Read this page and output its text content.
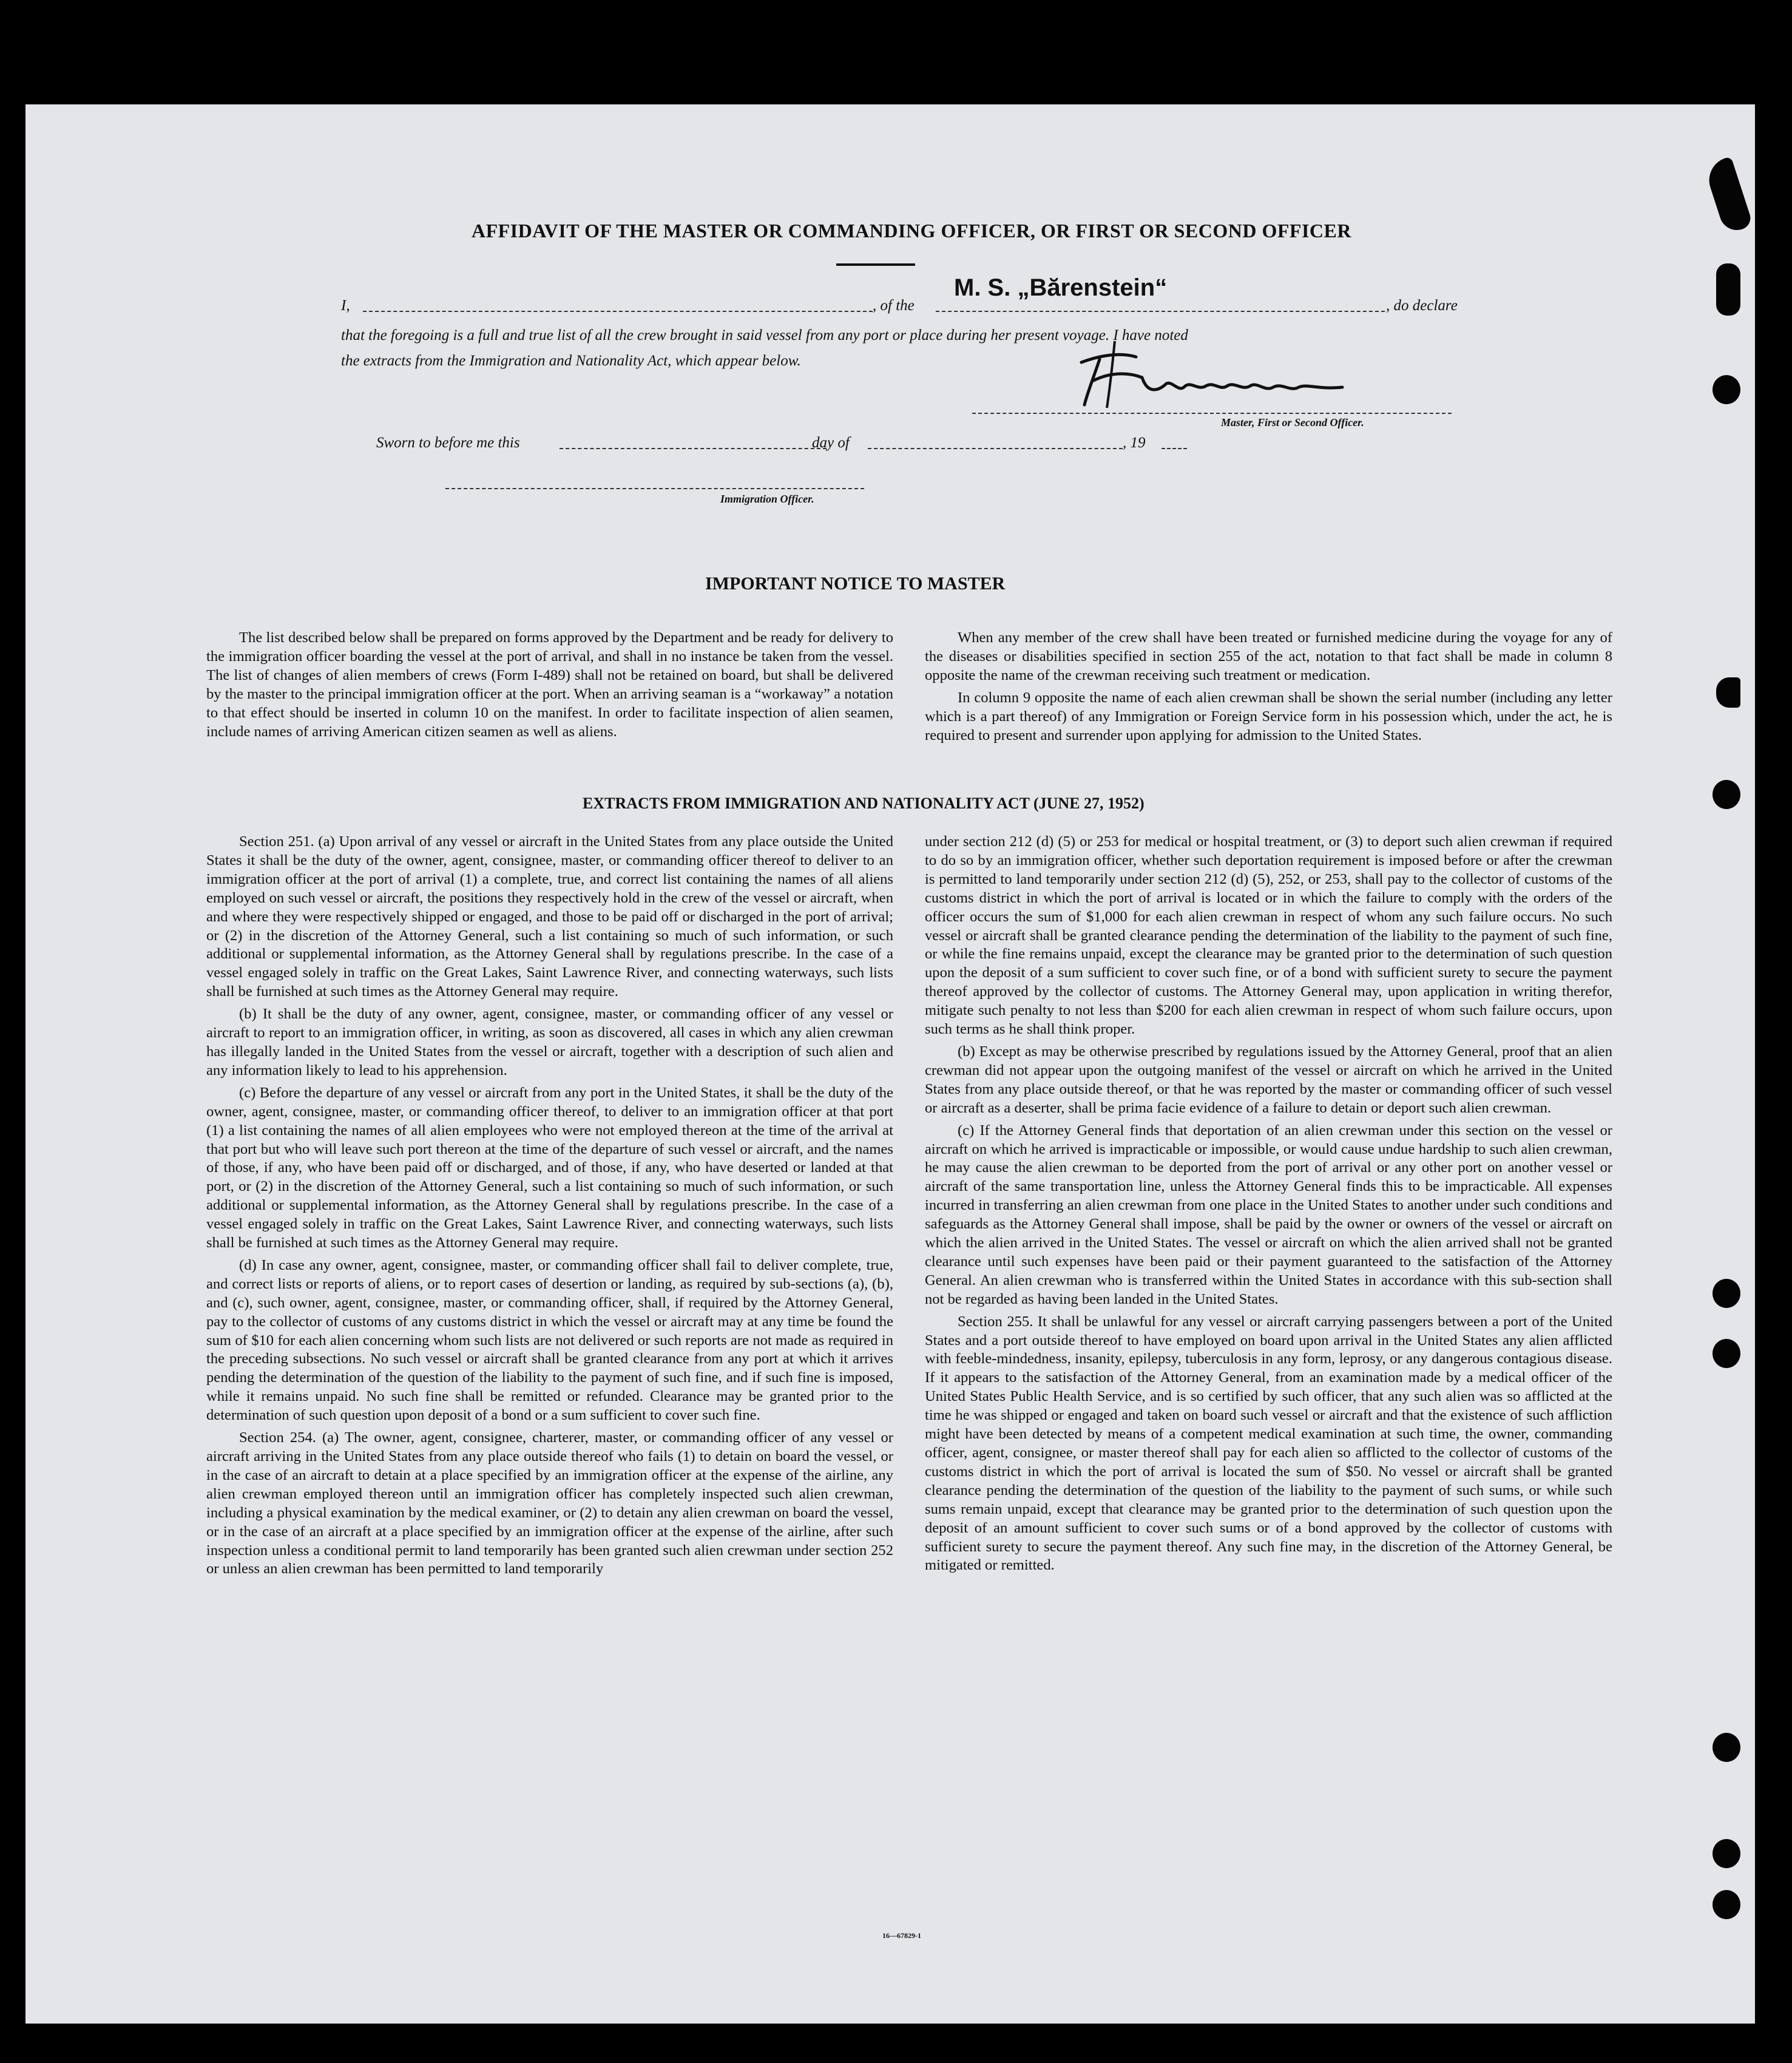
AFFIDAVIT OF THE MASTER OR COMMANDING OFFICER, OR FIRST OR SECOND OFFICER
I,	, of the
M. S. „Bărenstein“
, do declare
that the foregoing is a full and true list of all the crew brought in said vessel from any port or place during her present voyage. I have noted
the extracts from the Immigration and Nationality Act, which appear below.
Master, First or Second Officer.
Sworn to before me this	day of	, 19
Immigration Officer.
IMPORTANT NOTICE TO MASTER

The list described below shall be prepared on forms approved by the Department and be ready for delivery to the immigration officer boarding the vessel at the port of arrival, and shall in no instance be taken from the vessel. The list of changes of alien members of crews (Form I-489) shall not be retained on board, but shall be delivered by the master to the principal immigration officer at the port. When an arriving seaman is a “workaway” a notation to that effect should be inserted in column 10 on the manifest. In order to facilitate inspection of alien seamen, include names of arriving American citizen seamen as well as aliens.

When any member of the crew shall have been treated or furnished medicine during the voyage for any of the diseases or disabilities specified in section 255 of the act, notation to that fact shall be made in column 8 opposite the name of the crewman receiving such treatment or medication.

In column 9 opposite the name of each alien crewman shall be shown the serial number (including any letter which is a part thereof) of any Immigration or Foreign Service form in his possession which, under the act, he is required to present and surrender upon applying for admission to the United States.

EXTRACTS FROM IMMIGRATION AND NATIONALITY ACT (JUNE 27, 1952)

Section 251. (a) Upon arrival of any vessel or aircraft in the United States from any place outside the United States it shall be the duty of the owner, agent, consignee, master, or commanding officer thereof to deliver to an immigration officer at the port of arrival (1) a complete, true, and correct list containing the names of all aliens employed on such vessel or aircraft, the positions they respectively hold in the crew of the vessel or aircraft, when and where they were respectively shipped or engaged, and those to be paid off or discharged in the port of arrival; or (2) in the discretion of the Attorney General, such a list containing so much of such information, or such additional or supplemental information, as the Attorney General shall by regulations prescribe. In the case of a vessel engaged solely in traffic on the Great Lakes, Saint Lawrence River, and connecting waterways, such lists shall be furnished at such times as the Attorney General may require.

(b) It shall be the duty of any owner, agent, consignee, master, or commanding officer of any vessel or aircraft to report to an immigration officer, in writing, as soon as discovered, all cases in which any alien crewman has illegally landed in the United States from the vessel or aircraft, together with a description of such alien and any information likely to lead to his apprehension.

(c) Before the departure of any vessel or aircraft from any port in the United States, it shall be the duty of the owner, agent, consignee, master, or commanding officer thereof, to deliver to an immigration officer at that port (1) a list containing the names of all alien employees who were not employed thereon at the time of the arrival at that port but who will leave such port thereon at the time of the departure of such vessel or aircraft, and the names of those, if any, who have been paid off or discharged, and of those, if any, who have deserted or landed at that port, or (2) in the discretion of the Attorney General, such a list containing so much of such information, or such additional or supplemental information, as the Attorney General shall by regulations prescribe. In the case of a vessel engaged solely in traffic on the Great Lakes, Saint Lawrence River, and connecting waterways, such lists shall be furnished at such times as the Attorney General may require.

(d) In case any owner, agent, consignee, master, or commanding officer shall fail to deliver complete, true, and correct lists or reports of aliens, or to report cases of desertion or landing, as required by sub-sections (a), (b), and (c), such owner, agent, consignee, master, or commanding officer, shall, if required by the Attorney General, pay to the collector of customs of any customs district in which the vessel or aircraft may at any time be found the sum of $10 for each alien concerning whom such lists are not delivered or such reports are not made as required in the preceding subsections. No such vessel or aircraft shall be granted clearance from any port at which it arrives pending the determination of the question of the liability to the payment of such fine, and if such fine is imposed, while it remains unpaid. No such fine shall be remitted or refunded. Clearance may be granted prior to the determination of such question upon deposit of a bond or a sum sufficient to cover such fine.

Section 254. (a) The owner, agent, consignee, charterer, master, or commanding officer of any vessel or aircraft arriving in the United States from any place outside thereof who fails (1) to detain on board the vessel, or in the case of an aircraft to detain at a place specified by an immigration officer at the expense of the airline, any alien crewman employed thereon until an immigration officer has completely inspected such alien crewman, including a physical examination by the medical examiner, or (2) to detain any alien crewman on board the vessel, or in the case of an aircraft at a place specified by an immigration officer at the expense of the airline, after such inspection unless a conditional permit to land temporarily has been granted such alien crewman under section 252 or unless an alien crewman has been permitted to land temporarily

under section 212 (d) (5) or 253 for medical or hospital treatment, or (3) to deport such alien crewman if required to do so by an immigration officer, whether such deportation requirement is imposed before or after the crewman is permitted to land temporarily under section 212 (d) (5), 252, or 253, shall pay to the collector of customs of the customs district in which the port of arrival is located or in which the failure to comply with the orders of the officer occurs the sum of $1,000 for each alien crewman in respect of whom any such failure occurs. No such vessel or aircraft shall be granted clearance pending the determination of the liability to the payment of such fine, or while the fine remains unpaid, except the clearance may be granted prior to the determination of such question upon the deposit of a sum sufficient to cover such fine, or of a bond with sufficient surety to secure the payment thereof approved by the collector of customs. The Attorney General may, upon application in writing therefor, mitigate such penalty to not less than $200 for each alien crewman in respect of whom such failure occurs, upon such terms as he shall think proper.

(b) Except as may be otherwise prescribed by regulations issued by the Attorney General, proof that an alien crewman did not appear upon the outgoing manifest of the vessel or aircraft on which he arrived in the United States from any place outside thereof, or that he was reported by the master or commanding officer of such vessel or aircraft as a deserter, shall be prima facie evidence of a failure to detain or deport such alien crewman.

(c) If the Attorney General finds that deportation of an alien crewman under this section on the vessel or aircraft on which he arrived is impracticable or impossible, or would cause undue hardship to such alien crewman, he may cause the alien crewman to be deported from the port of arrival or any other port on another vessel or aircraft of the same transportation line, unless the Attorney General finds this to be impracticable. All expenses incurred in transferring an alien crewman from one place in the United States to another under such conditions and safeguards as the Attorney General shall impose, shall be paid by the owner or owners of the vessel or aircraft on which the alien arrived in the United States. The vessel or aircraft on which the alien arrived shall not be granted clearance until such expenses have been paid or their payment guaranteed to the satisfaction of the Attorney General. An alien crewman who is transferred within the United States in accordance with this sub-section shall not be regarded as having been landed in the United States.

Section 255. It shall be unlawful for any vessel or aircraft carrying passengers between a port of the United States and a port outside thereof to have employed on board upon arrival in the United States any alien afflicted with feeble-mindedness, insanity, epilepsy, tuberculosis in any form, leprosy, or any dangerous contagious disease. If it appears to the satisfaction of the Attorney General, from an examination made by a medical officer of the United States Public Health Service, and is so certified by such officer, that any such alien was so afflicted at the time he was shipped or engaged and taken on board such vessel or aircraft and that the existence of such affliction might have been detected by means of a competent medical examination at such time, the owner, commanding officer, agent, consignee, or master thereof shall pay for each alien so afflicted to the collector of customs of the customs district in which the port of arrival is located the sum of $50. No vessel or aircraft shall be granted clearance pending the determination of the question of the liability to the payment of such sums, or while such sums remain unpaid, except that clearance may be granted prior to the determination of such question upon the deposit of an amount sufficient to cover such sums or of a bond approved by the collector of customs with sufficient surety to secure the payment thereof. Any such fine may, in the discretion of the Attorney General, be mitigated or remitted.

16—67829-1
